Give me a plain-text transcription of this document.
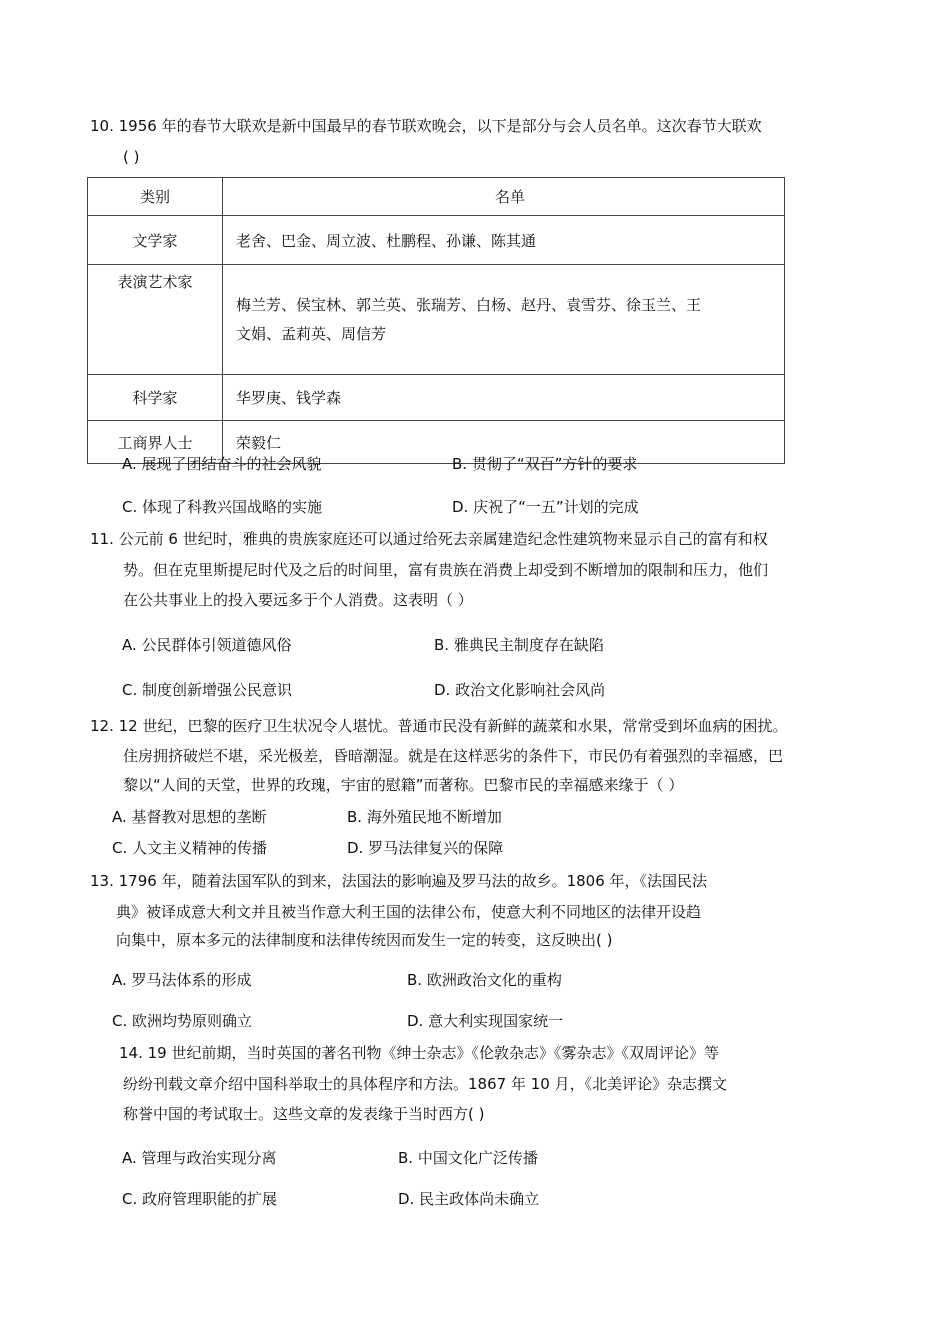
10. 1956 年的春节大联欢是新中国最早的春节联欢晚会，以下是部分与会人员名单。这次春节大联欢
( )
类别	名单
文学家	老舍、巴金、周立波、杜鹏程、孙谦、陈其通
表演艺术家	梅兰芳、侯宝林、郭兰英、张瑞芳、白杨、赵丹、袁雪芬、徐玉兰、王
文娟、孟莉英、周信芳

科学家	华罗庚、钱学森
工商界人士	荣毅仁
A. 展现了团结奋斗的社会风貌	B. 贯彻了“双百”方针的要求
C. 体现了科教兴国战略的实施	D. 庆祝了“一五”计划的完成
11. 公元前 6 世纪时，雅典的贵族家庭还可以通过给死去亲属建造纪念性建筑物来显示自己的富有和权
势。但在克里斯提尼时代及之后的时间里，富有贵族在消费上却受到不断增加的限制和压力，他们
在公共事业上的投入要远多于个人消费。这表明（ ）
A. 公民群体引领道德风俗	B. 雅典民主制度存在缺陷
C. 制度创新增强公民意识	D. 政治文化影响社会风尚
12. 12 世纪，巴黎的医疗卫生状况令人堪忧。普通市民没有新鲜的蔬菜和水果，常常受到坏血病的困扰。
住房拥挤破烂不堪，采光极差，昏暗潮湿。就是在这样恶劣的条件下，市民仍有着强烈的幸福感，巴
黎以“人间的天堂，世界的玫瑰，宇宙的慰籍”而著称。巴黎市民的幸福感来缘于（ ）
A. 基督教对思想的垄断	B. 海外殖民地不断增加
C. 人文主义精神的传播	D. 罗马法律复兴的保障
13. 1796 年，随着法国军队的到来，法国法的影响遍及罗马法的故乡。1806 年，《法国民法
典》被译成意大利文并且被当作意大利王国的法律公布，使意大利不同地区的法律开设趋
向集中，原本多元的法律制度和法律传统因而发生一定的转变，这反映出( )
A. 罗马法体系的形成	B. 欧洲政治文化的重构
C. 欧洲均势原则确立	D. 意大利实现国家统一
14. 19 世纪前期，当时英国的著名刊物《绅士杂志》《伦敦杂志》《雾杂志》《双周评论》等
纷纷刊载文章介绍中国科举取士的具体程序和方法。1867 年 10 月，《北美评论》杂志撰文
称誉中国的考试取士。这些文章的发表缘于当时西方( )
A. 管理与政治实现分离	B. 中国文化广泛传播
C. 政府管理职能的扩展	D. 民主政体尚未确立
